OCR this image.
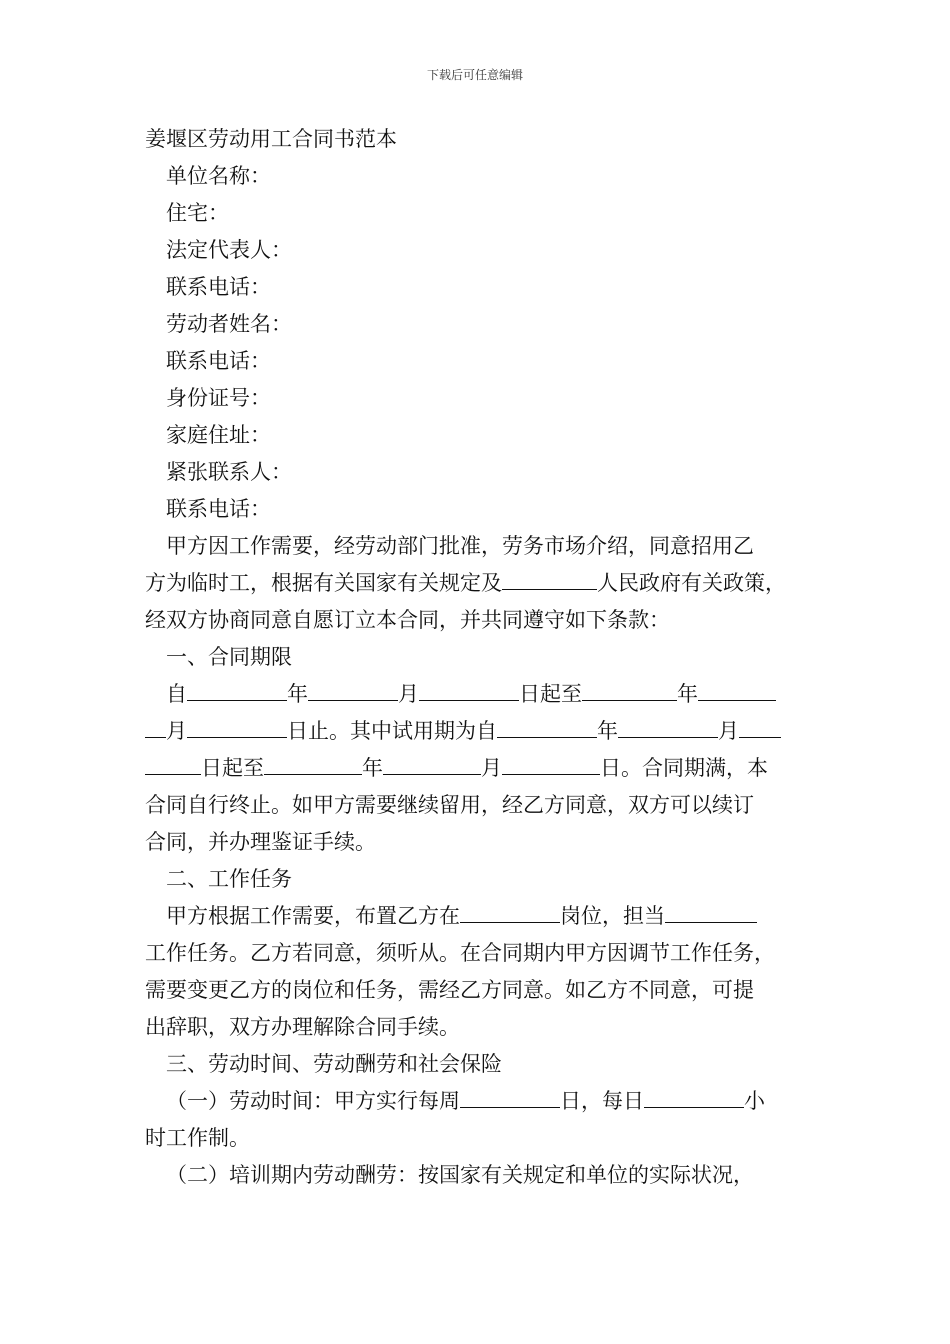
下载后可任意编辑
姜堰区劳动用工合同书范本
单位名称：
住宅：
法定代表人：
联系电话：
劳动者姓名：
联系电话：
身份证号：
家庭住址：
紧张联系人：
联系电话：
甲方因工作需要，经劳动部门批准，劳务市场介绍，同意招用乙
方为临时工，根据有关国家有关规定及	人民政府有关政策，
经双方协商同意自愿订立本合同，并共同遵守如下条款：
一、合同期限
自	年	月	日起至	年
月	日止。其中试用期为自	年	月
日起至	年	月	日。合同期满，本
合同自行终止。如甲方需要继续留用，经乙方同意，双方可以续订
合同，并办理鉴证手续。
二、工作任务
甲方根据工作需要，布置乙方在	岗位，担当
工作任务。乙方若同意，须听从。在合同期内甲方因调节工作任务，
需要变更乙方的岗位和任务，需经乙方同意。如乙方不同意，可提
出辞职，双方办理解除合同手续。
三、劳动时间、劳动酬劳和社会保险
（一）劳动时间：甲方实行每周	日，每日	小
时工作制。
（二）培训期内劳动酬劳：按国家有关规定和单位的实际状况，
